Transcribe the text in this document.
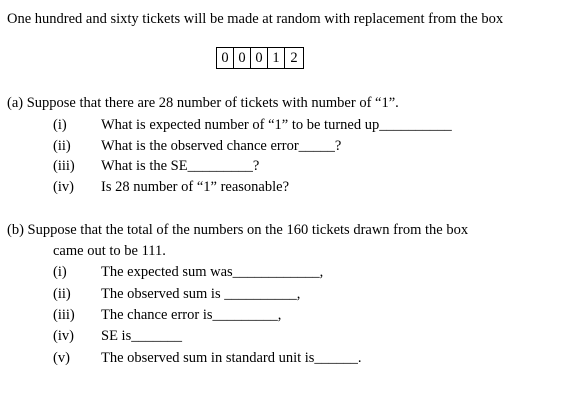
One hundred and sixty tickets will be made at random with replacement from the box
0 0 0 1 2
(a) Suppose that there are 28 number of tickets with number of “1”.
(i) What is expected number of “1” to be turned up__________
(ii) What is the observed chance error_____?
(iii) What is the SE_________?
(iv) Is 28 number of “1” reasonable?
(b) Suppose that the total of the numbers on the 160 tickets drawn from the box
came out to be 111.
(i) The expected sum was____________,
(ii) The observed sum is __________,
(iii) The chance error is_________,
(iv) SE is_______
(v) The observed sum in standard unit is______.
